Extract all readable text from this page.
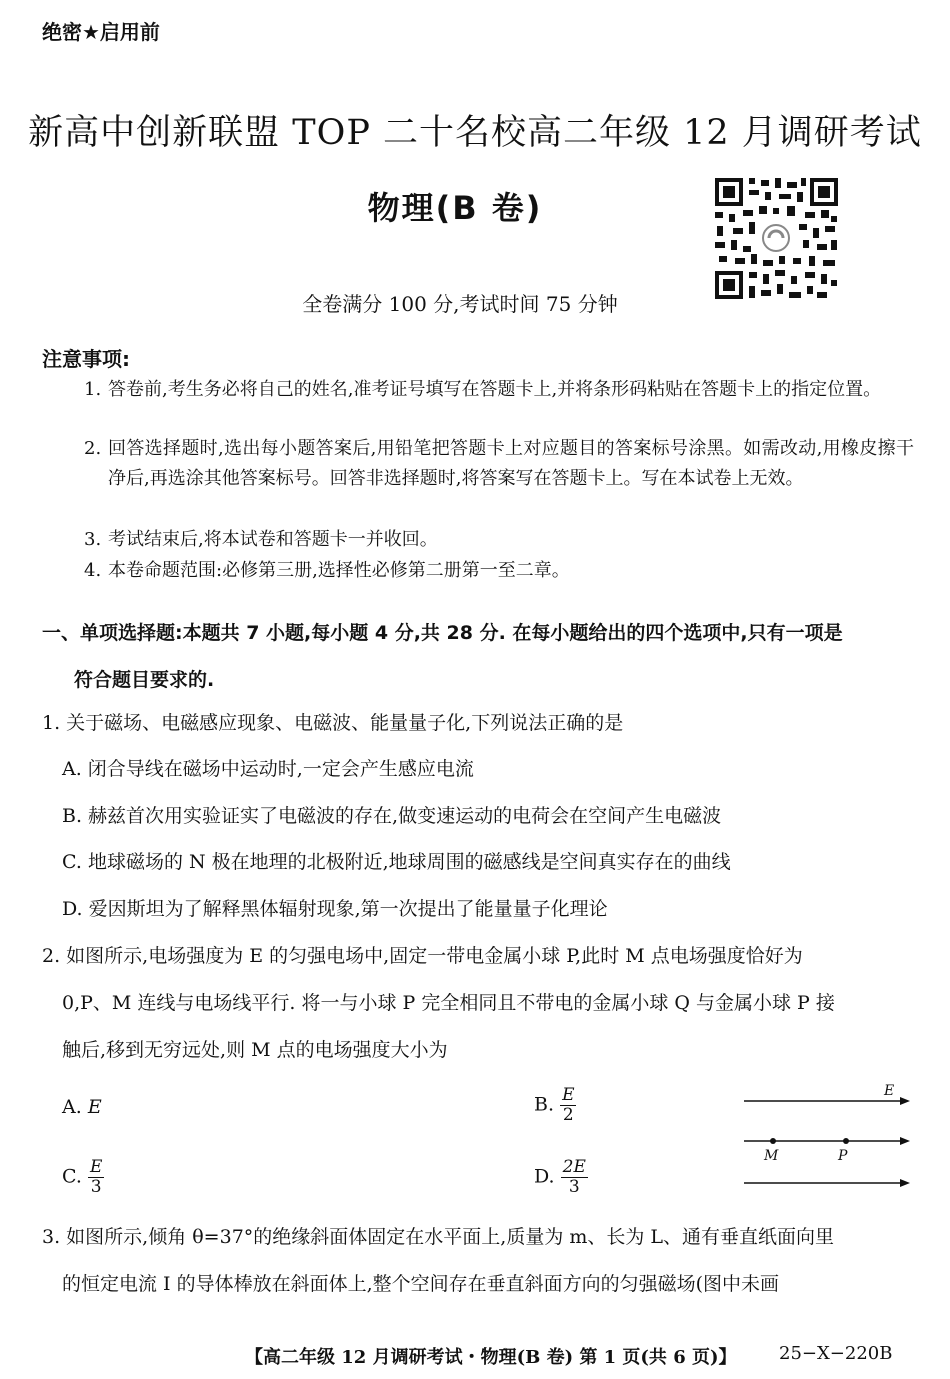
绝密★启用前
新高中创新联盟 TOP 二十名校高二年级 12 月调研考试
物理(B 卷)
全卷满分 100 分,考试时间 75 分钟
注意事项:
1. 答卷前,考生务必将自己的姓名,准考证号填写在答题卡上,并将条形码粘贴在答题卡上的指定位置。
2. 回答选择题时,选出每小题答案后,用铅笔把答题卡上对应题目的答案标号涂黑。如需改动,用橡皮擦干净后,再选涂其他答案标号。回答非选择题时,将答案写在答题卡上。写在本试卷上无效。
3. 考试结束后,将本试卷和答题卡一并收回。
4. 本卷命题范围:必修第三册,选择性必修第二册第一至二章。
一、单项选择题:本题共 7 小题,每小题 4 分,共 28 分. 在每小题给出的四个选项中,只有一项是
符合题目要求的.
1. 关于磁场、电磁感应现象、电磁波、能量量子化,下列说法正确的是
A. 闭合导线在磁场中运动时,一定会产生感应电流
B. 赫兹首次用实验证实了电磁波的存在,做变速运动的电荷会在空间产生电磁波
C. 地球磁场的 N 极在地理的北极附近,地球周围的磁感线是空间真实存在的曲线
D. 爱因斯坦为了解释黑体辐射现象,第一次提出了能量量子化理论
2. 如图所示,电场强度为 E 的匀强电场中,固定一带电金属小球 P,此时 M 点电场强度恰好为
0,P、M 连线与电场线平行. 将一与小球 P 完全相同且不带电的金属小球 Q 与金属小球 P 接
触后,移到无穷远处,则 M 点的电场强度大小为
A. E	B. $\frac{E}{2}$
C. $\frac{E}{3}$	D. $\frac{2E}{3}$
E
M	P
3. 如图所示,倾角 θ=37°的绝缘斜面体固定在水平面上,质量为 m、长为 L、通有垂直纸面向里
的恒定电流 I 的导体棒放在斜面体上,整个空间存在垂直斜面方向的匀强磁场(图中未画
【高二年级 12 月调研考试・物理(B 卷) 第 1 页(共 6 页)】 25−X−220B
